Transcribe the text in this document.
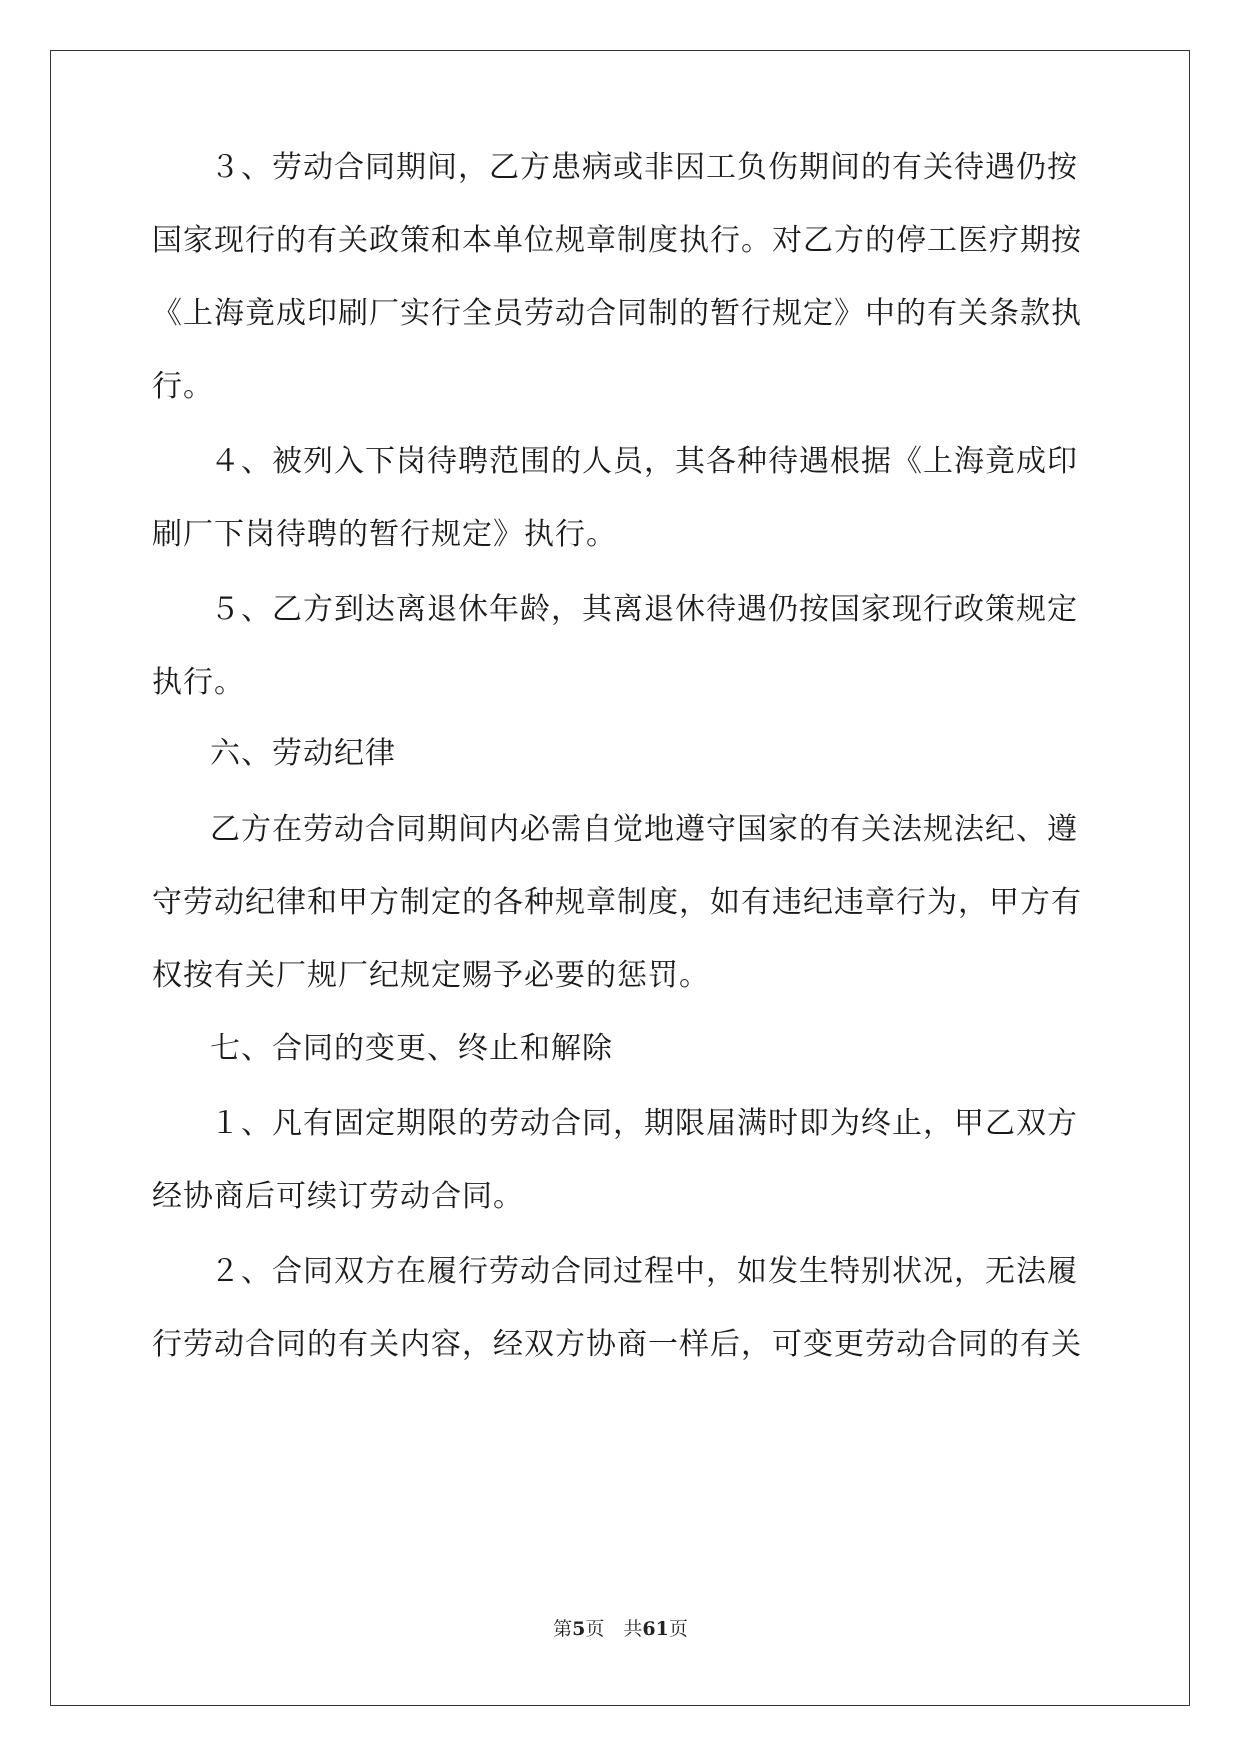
３、劳动合同期间，乙方患病或非因工负伤期间的有关待遇仍按
国家现行的有关政策和本单位规章制度执行。对乙方的停工医疗期按
《上海竟成印刷厂实行全员劳动合同制的暂行规定》中的有关条款执
行。
４、被列入下岗待聘范围的人员，其各种待遇根据《上海竟成印
刷厂下岗待聘的暂行规定》执行。
５、乙方到达离退休年龄，其离退休待遇仍按国家现行政策规定
执行。
六、劳动纪律
乙方在劳动合同期间内必需自觉地遵守国家的有关法规法纪、遵
守劳动纪律和甲方制定的各种规章制度，如有违纪违章行为，甲方有
权按有关厂规厂纪规定赐予必要的惩罚。
七、合同的变更、终止和解除
１、凡有固定期限的劳动合同，期限届满时即为终止，甲乙双方
经协商后可续订劳动合同。
２、合同双方在履行劳动合同过程中，如发生特别状况，无法履
行劳动合同的有关内容，经双方协商一样后，可变更劳动合同的有关
第5页　共61页
